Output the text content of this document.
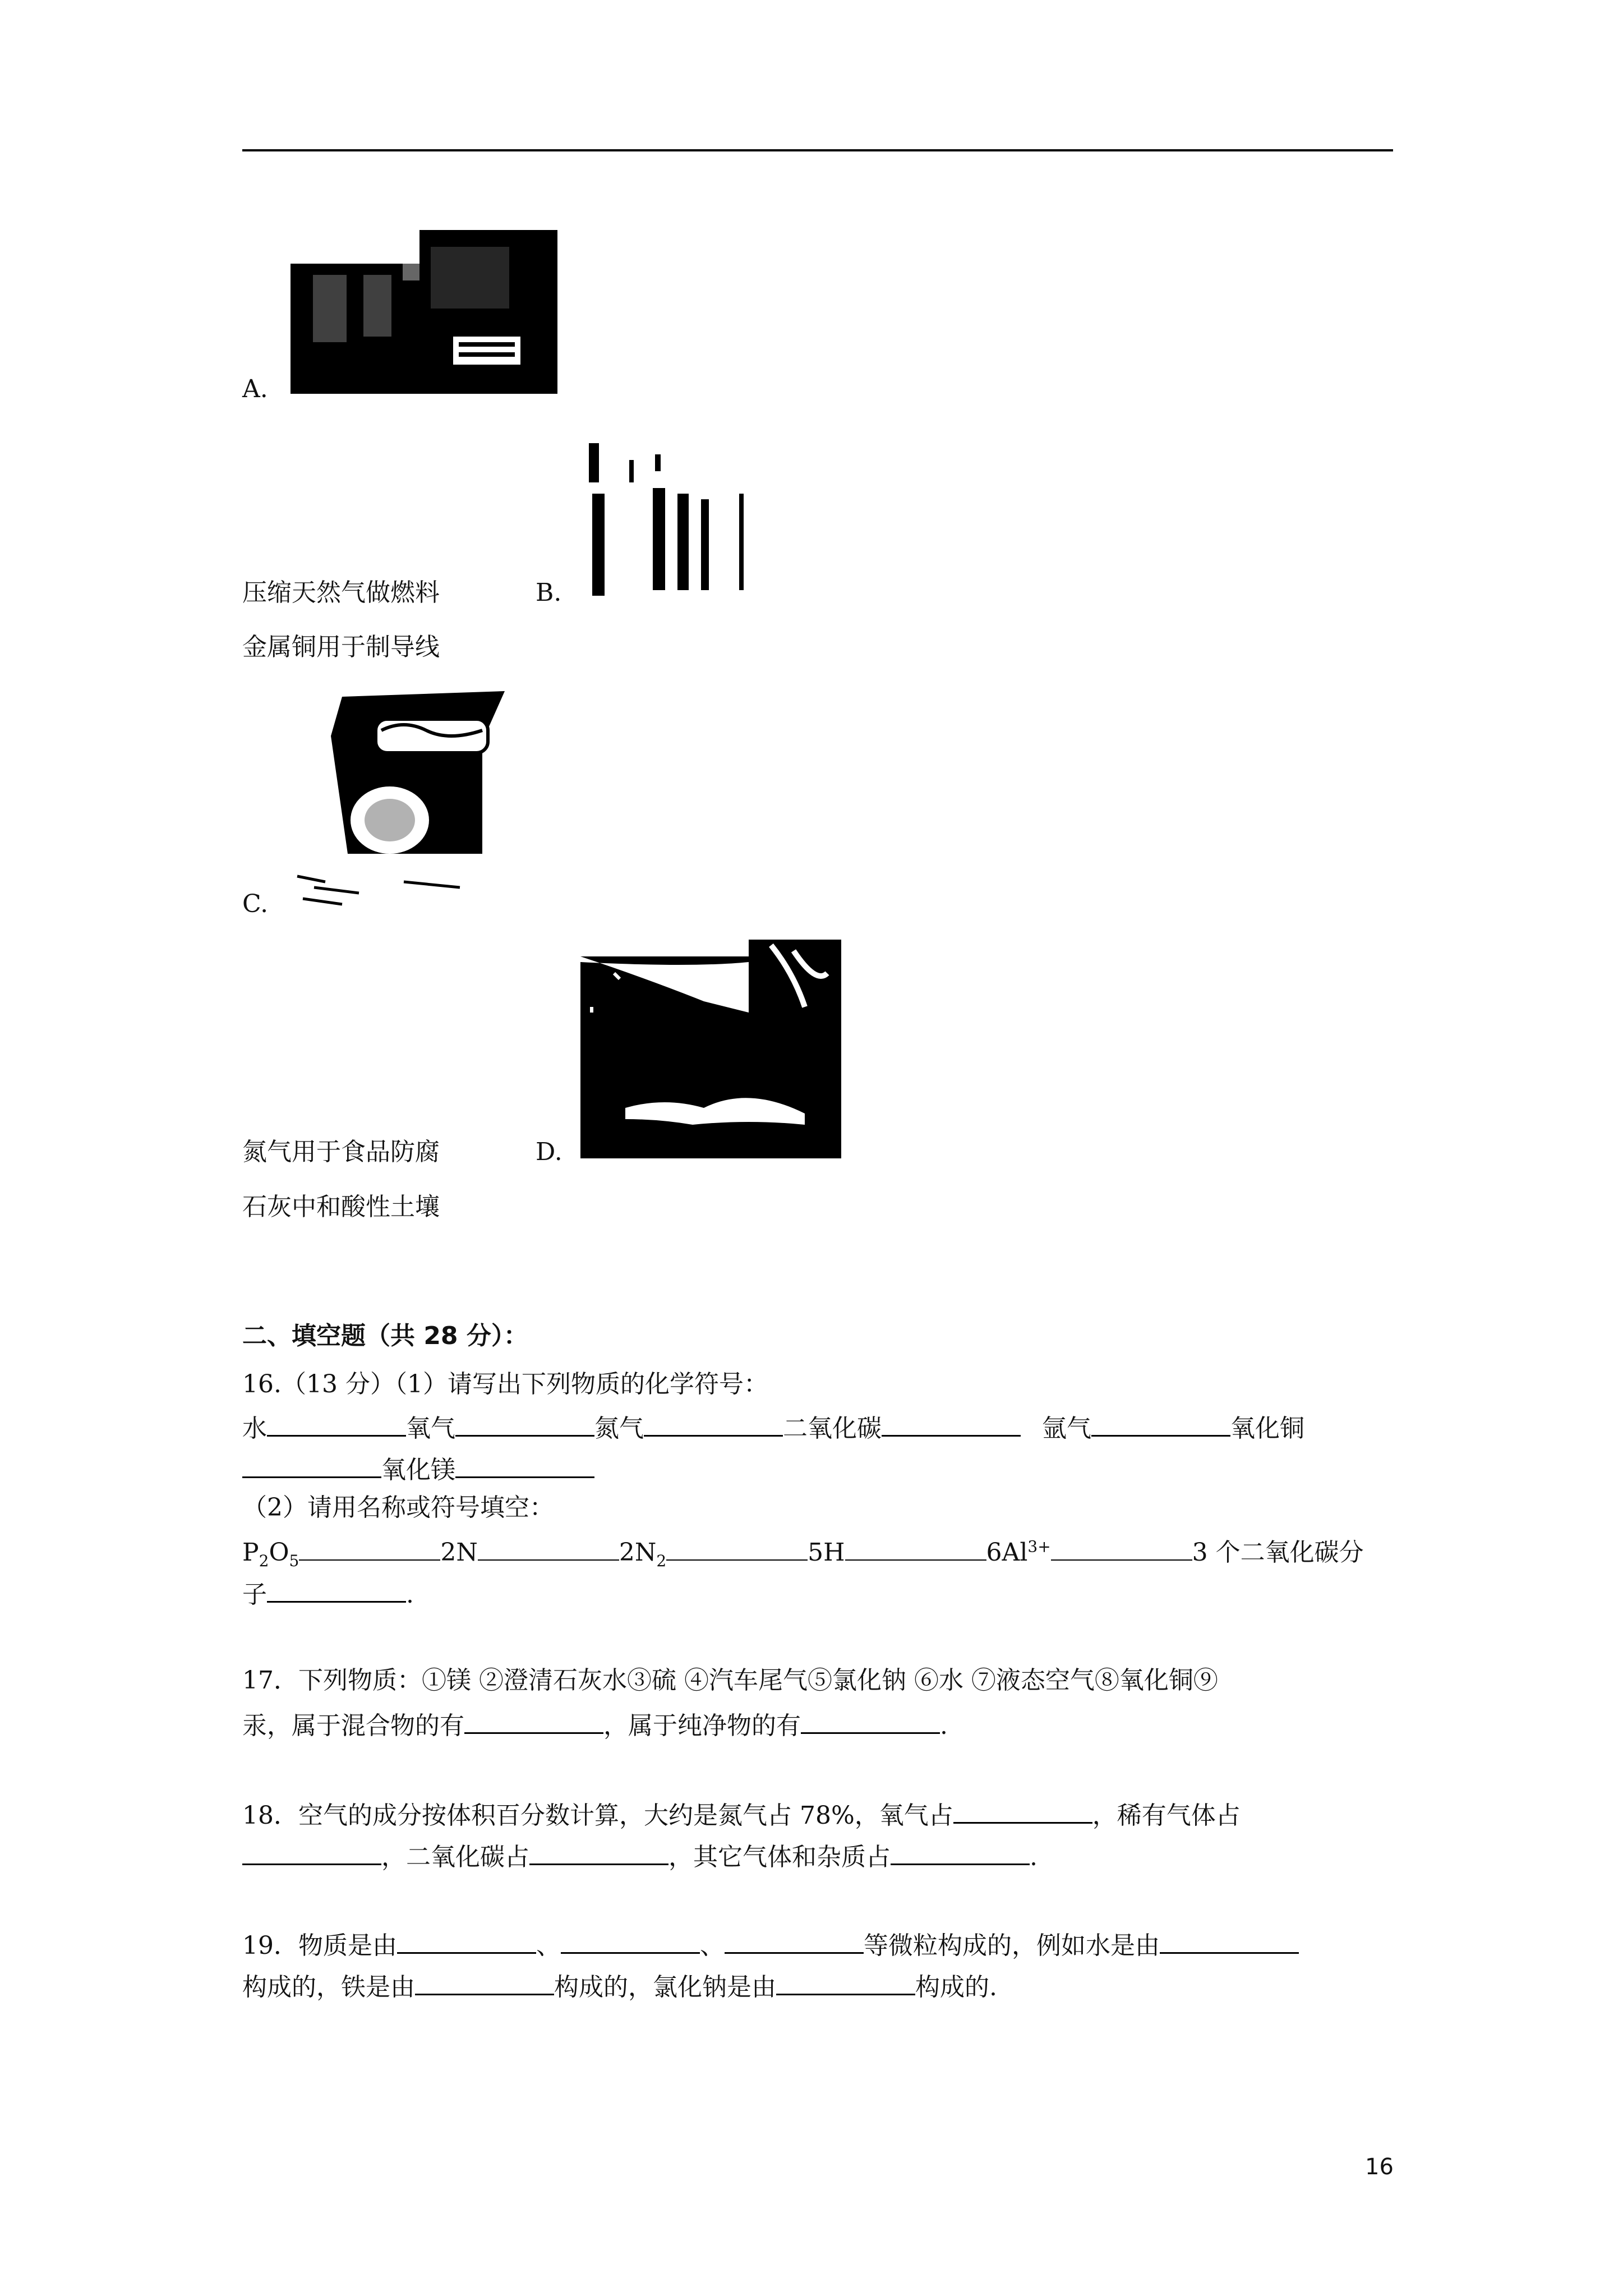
A.
压缩天然气做燃料	B.
金属铜用于制导线
C.
氮气用于食品防腐	D.
石灰中和酸性土壤
二、填空题（共 28 分）：
16.（13 分）（1）请写出下列物质的化学符号：
水	氧气	氮气	二氧化碳	氩气	氧化铜
氧化镁
（2）请用名称或符号填空：
$P_2O_5$	2N	$2N_2$	5H	$6Al^{3+}$	3 个二氧化碳分
子	.
17．下列物质：①镁 ②澄清石灰水③硫 ④汽车尾气⑤氯化钠 ⑥水 ⑦液态空气⑧氧化铜⑨
汞，属于混合物的有	，属于纯净物的有	.
18．空气的成分按体积百分数计算，大约是氮气占 78%，氧气占	，稀有气体占
，二氧化碳占	，其它气体和杂质占	.
19．物质是由	、	、	等微粒构成的，例如水是由
构成的，铁是由	构成的，氯化钠是由	构成的.
16
